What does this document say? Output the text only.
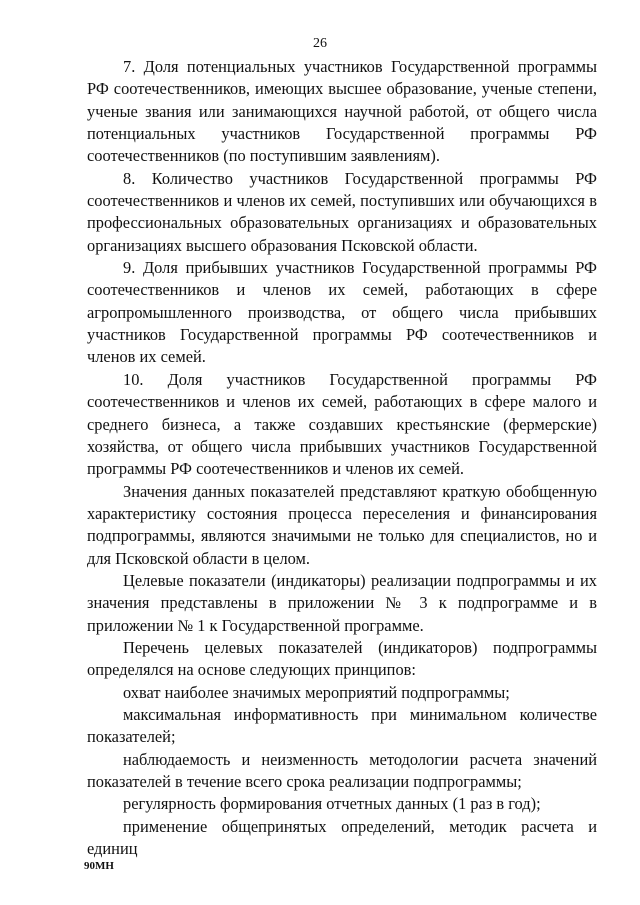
26

7. Доля потенциальных участников Государственной программы РФ соотечественников, имеющих высшее образование, ученые степени, ученые звания или занимающихся научной работой, от общего числа потенциальных участников Государственной программы РФ соотечественников (по поступившим заявлениям).

8. Количество участников Государственной программы РФ соотечественников и членов их семей, поступивших или обучающихся в профессиональных образовательных организациях и образовательных организациях высшего образования Псковской области.

9. Доля прибывших участников Государственной программы РФ соотечественников и членов их семей, работающих в сфере агропромышленного производства, от общего числа прибывших участников Государственной программы РФ соотечественников и членов их семей.

10. Доля участников Государственной программы РФ соотечественников и членов их семей, работающих в сфере малого и среднего бизнеса, а также создавших крестьянские (фермерские) хозяйства, от общего числа прибывших участников Государственной программы РФ соотечественников и членов их семей.

Значения данных показателей представляют краткую обобщенную характеристику состояния процесса переселения и финансирования подпрограммы, являются значимыми не только для специалистов, но и для Псковской области в целом.

Целевые показатели (индикаторы) реализации подпрограммы и их значения представлены в приложении № 3 к подпрограмме и в приложении № 1 к Государственной программе.

Перечень целевых показателей (индикаторов) подпрограммы определялся на основе следующих принципов:

охват наиболее значимых мероприятий подпрограммы;

максимальная информативность при минимальном количестве показателей;

наблюдаемость и неизменность методологии расчета значений показателей в течение всего срока реализации подпрограммы;

регулярность формирования отчетных данных (1 раз в год);

применение общепринятых определений, методик расчета и единиц

90МН
